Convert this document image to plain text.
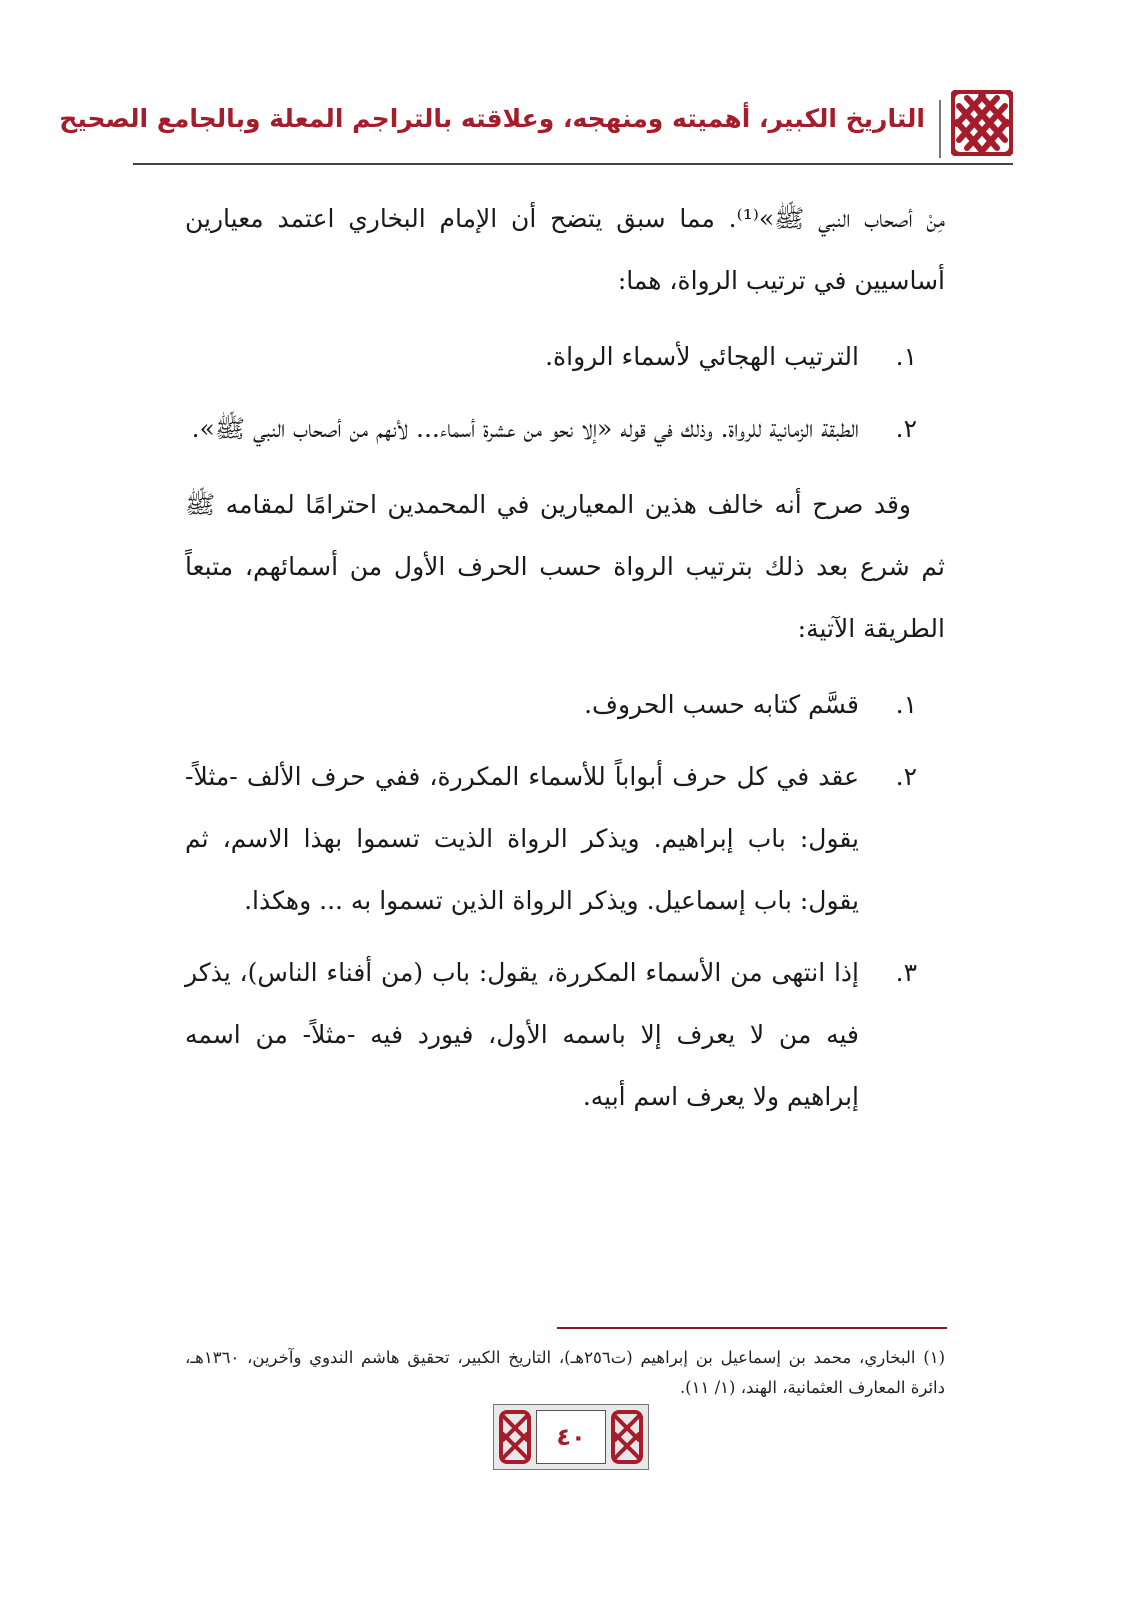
التاريخ الكبير، أهميته ومنهجه، وعلاقته بالتراجم المعلة وبالجامع الصحيح

مِنْ أصحاب النبي ﷺ»⁽¹⁾. مما سبق يتضح أن الإمام البخاري اعتمد معيارين أساسيين في ترتيب الرواة، هما:

١.
الترتيب الهجائي لأسماء الرواة.
٢.
الطبقة الزمانية للرواة. وذلك في قوله «إلا نحو من عشرة أسماء... لأنهم من أصحاب النبي ﷺ».

وقد صرح أنه خالف هذين المعيارين في المحمدين احترامًا لمقامه ﷺ ثم شرع بعد ذلك بترتيب الرواة حسب الحرف الأول من أسمائهم، متبعاً الطريقة الآتية:

١.
قسَّم كتابه حسب الحروف.
٢.
عقد في كل حرف أبواباً للأسماء المكررة، ففي حرف الألف -مثلاً- يقول: باب إبراهيم. ويذكر الرواة الذيت تسموا بهذا الاسم، ثم يقول: باب إسماعيل. ويذكر الرواة الذين تسموا به ... وهكذا.
٣.
إذا انتهى من الأسماء المكررة، يقول: باب (من أفناء الناس)، يذكر فيه من لا يعرف إلا باسمه الأول، فيورد فيه -مثلاً- من اسمه إبراهيم ولا يعرف اسم أبيه.

(١) البخاري، محمد بن إسماعيل بن إبراهيم (ت٢٥٦هـ)، التاريخ الكبير، تحقيق هاشم الندوي وآخرين، ١٣٦٠هـ، دائرة المعارف العثمانية، الهند، (١/ ١١).

٤٠
